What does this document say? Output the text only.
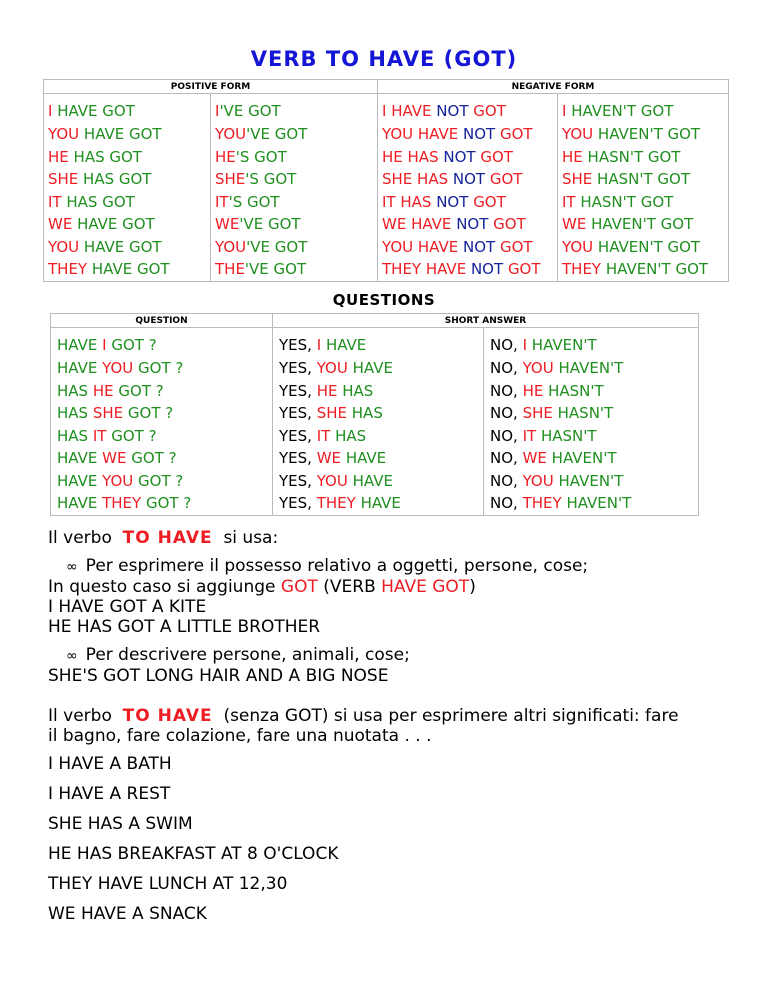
VERB TO HAVE (GOT)
POSITIVE FORM		NEGATIVE FORM	
I HAVE GOT	I'VE GOT	I HAVE NOT GOT	I HAVEN'T GOT
YOU HAVE GOT	YOU'VE GOT	YOU HAVE NOT GOT	YOU HAVEN'T GOT
HE HAS GOT	HE'S GOT	HE HAS NOT GOT	HE HASN'T GOT
SHE HAS GOT	SHE'S GOT	SHE HAS NOT GOT	SHE HASN'T GOT
IT HAS GOT	IT'S GOT	IT HAS NOT GOT	IT HASN'T GOT
WE HAVE GOT	WE'VE GOT	WE HAVE NOT GOT	WE HAVEN'T GOT
YOU HAVE GOT	YOU'VE GOT	YOU HAVE NOT GOT	YOU HAVEN'T GOT
THEY HAVE GOT	THE'VE GOT	THEY HAVE NOT GOT	THEY HAVEN'T GOT
QUESTIONS
QUESTION	SHORT ANSWER	
HAVE I GOT ?	YES, I HAVE	NO, I HAVEN'T
HAVE YOU GOT ?	YES, YOU HAVE	NO, YOU HAVEN'T
HAS HE GOT ?	YES, HE HAS	NO, HE HASN'T
HAS SHE GOT ?	YES, SHE HAS	NO, SHE HASN'T
HAS IT GOT ?	YES, IT HAS	NO, IT HASN'T
HAVE WE GOT ?	YES, WE HAVE	NO, WE HAVEN'T
HAVE YOU GOT ?	YES, YOU HAVE	NO, YOU HAVEN'T
HAVE THEY GOT ?	YES, THEY HAVE	NO, THEY HAVEN'T
Il verbo TO HAVE si usa:
∞ Per esprimere il possesso relativo a oggetti, persone, cose;
In questo caso si aggiunge GOT (VERB HAVE GOT)
I HAVE GOT A KITE
HE HAS GOT A LITTLE BROTHER
∞ Per descrivere persone, animali, cose;
SHE'S GOT LONG HAIR AND A BIG NOSE
Il verbo TO HAVE (senza GOT) si usa per esprimere altri significati: fare
il bagno, fare colazione, fare una nuotata . . .
I HAVE A BATH
I HAVE A REST
SHE HAS A SWIM
HE HAS BREAKFAST AT 8 O'CLOCK
THEY HAVE LUNCH AT 12,30
WE HAVE A SNACK
